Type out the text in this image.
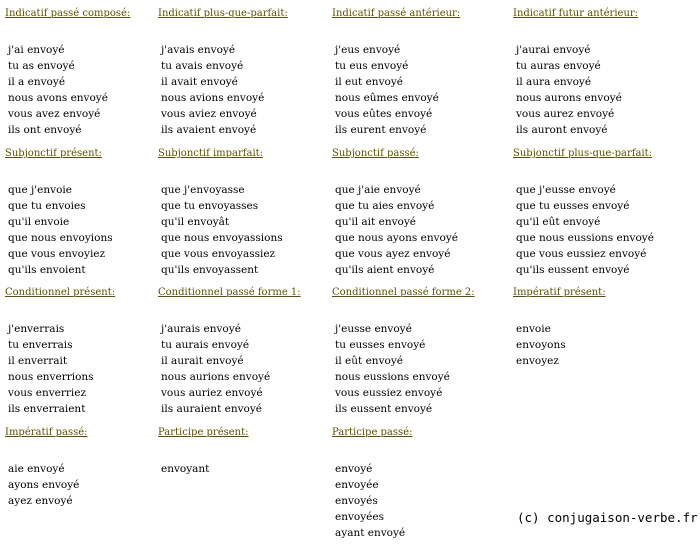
Indicatif passé composé:
j'ai envoyé
tu as envoyé
il a envoyé
nous avons envoyé
vous avez envoyé
ils ont envoyé
Indicatif plus-que-parfait:
j'avais envoyé
tu avais envoyé
il avait envoyé
nous avions envoyé
vous aviez envoyé
ils avaient envoyé
Indicatif passé antérieur:
j'eus envoyé
tu eus envoyé
il eut envoyé
nous eûmes envoyé
vous eûtes envoyé
ils eurent envoyé
Indicatif futur antérieur:
j'aurai envoyé
tu auras envoyé
il aura envoyé
nous aurons envoyé
vous aurez envoyé
ils auront envoyé
Subjonctif présent:
que j'envoie
que tu envoies
qu'il envoie
que nous envoyions
que vous envoyiez
qu'ils envoient
Subjonctif imparfait:
que j'envoyasse
que tu envoyasses
qu'il envoyât
que nous envoyassions
que vous envoyassiez
qu'ils envoyassent
Subjonctif passé:
que j'aie envoyé
que tu aies envoyé
qu'il ait envoyé
que nous ayons envoyé
que vous ayez envoyé
qu'ils aient envoyé
Subjonctif plus-que-parfait:
que j'eusse envoyé
que tu eusses envoyé
qu'il eût envoyé
que nous eussions envoyé
que vous eussiez envoyé
qu'ils eussent envoyé
Conditionnel présent:
j'enverrais
tu enverrais
il enverrait
nous enverrions
vous enverriez
ils enverraient
Conditionnel passé forme 1:
j'aurais envoyé
tu aurais envoyé
il aurait envoyé
nous aurions envoyé
vous auriez envoyé
ils auraient envoyé
Conditionnel passé forme 2:
j'eusse envoyé
tu eusses envoyé
il eût envoyé
nous eussions envoyé
vous eussiez envoyé
ils eussent envoyé
Impératif présent:
envoie
envoyons
envoyez
Impératif passé:
aie envoyé
ayons envoyé
ayez envoyé
Participe présent:
envoyant
Participe passé:
envoyé
envoyée
envoyés
envoyées
ayant envoyé
(c) conjugaison-verbe.fr
